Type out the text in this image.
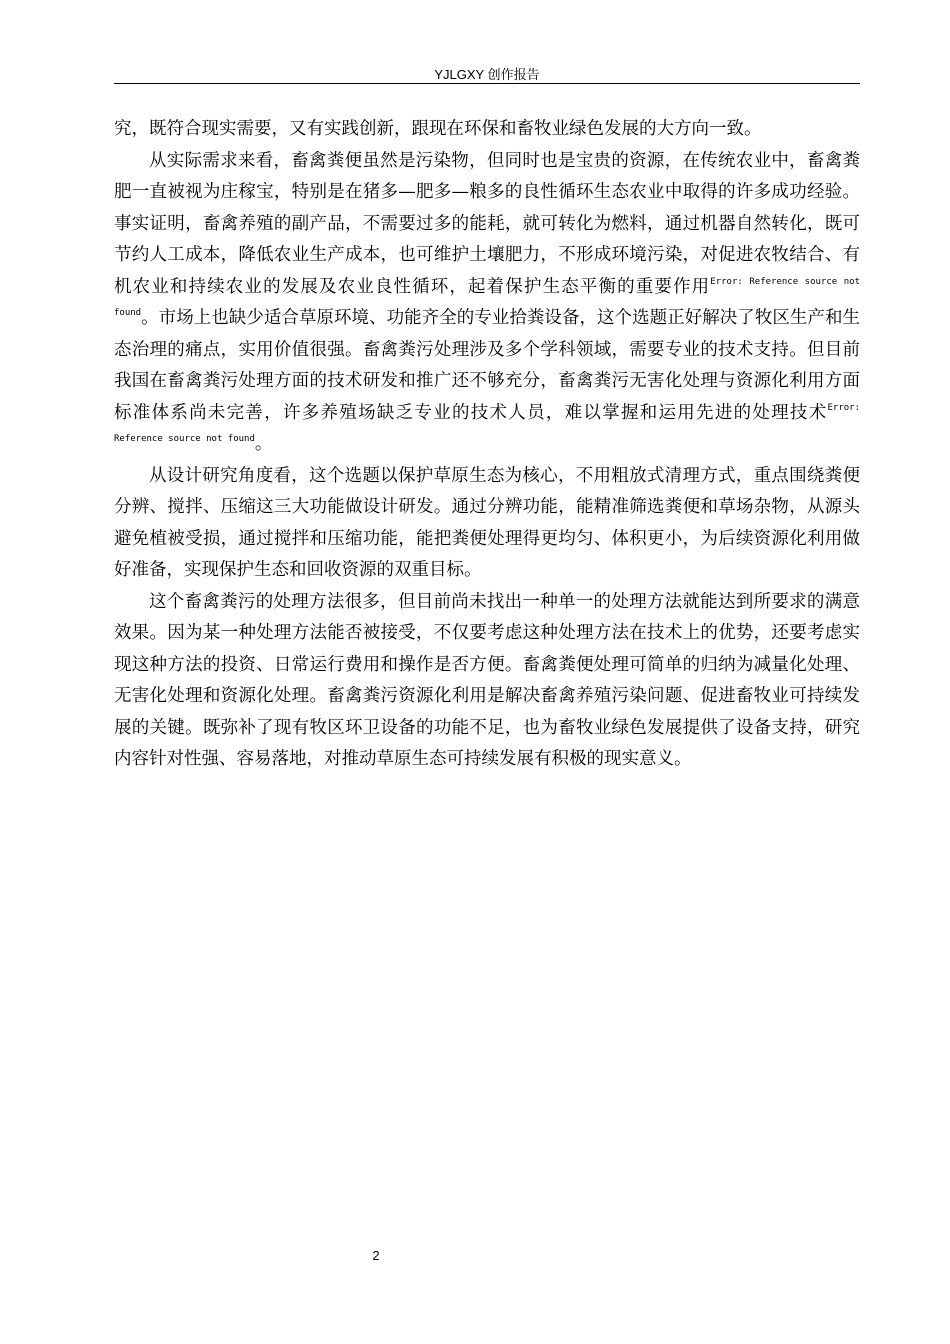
YJLGXY 创作报告

究，既符合现实需要，又有实践创新，跟现在环保和畜牧业绿色发展的大方向一致。

从实际需求来看，畜禽粪便虽然是污染物，但同时也是宝贵的资源，在传统农业中，畜禽粪肥一直被视为庄稼宝，特别是在猪多—肥多—粮多的良性循环生态农业中取得的许多成功经验。事实证明，畜禽养殖的副产品，不需要过多的能耗，就可转化为燃料，通过机器自然转化，既可节约人工成本，降低农业生产成本，也可维护土壤肥力，不形成环境污染，对促进农牧结合、有机农业和持续农业的发展及农业良性循环，起着保护生态平衡的重要作用$^{Error: Reference source not found}$。市场上也缺少适合草原环境、功能齐全的专业拾粪设备，这个选题正好解决了牧区生产和生态治理的痛点，实用价值很强。畜禽粪污处理涉及多个学科领域，需要专业的技术支持。但目前我国在畜禽粪污处理方面的技术研发和推广还不够充分，畜禽粪污无害化处理与资源化利用方面标准体系尚未完善，许多养殖场缺乏专业的技术人员，难以掌握和运用先进的处理技术$^{Error: Reference source not found}$。

从设计研究角度看，这个选题以保护草原生态为核心，不用粗放式清理方式，重点围绕粪便分辨、搅拌、压缩这三大功能做设计研发。通过分辨功能，能精准筛选粪便和草场杂物，从源头避免植被受损，通过搅拌和压缩功能，能把粪便处理得更均匀、体积更小，为后续资源化利用做好准备，实现保护生态和回收资源的双重目标。

这个畜禽粪污的处理方法很多，但目前尚未找出一种单一的处理方法就能达到所要求的满意效果。因为某一种处理方法能否被接受，不仅要考虑这种处理方法在技术上的优势，还要考虑实现这种方法的投资、日常运行费用和操作是否方便。畜禽粪便处理可简单的归纳为减量化处理、无害化处理和资源化处理。畜禽粪污资源化利用是解决畜禽养殖污染问题、促进畜牧业可持续发展的关键。既弥补了现有牧区环卫设备的功能不足，也为畜牧业绿色发展提供了设备支持，研究内容针对性强、容易落地，对推动草原生态可持续发展有积极的现实意义。

2
